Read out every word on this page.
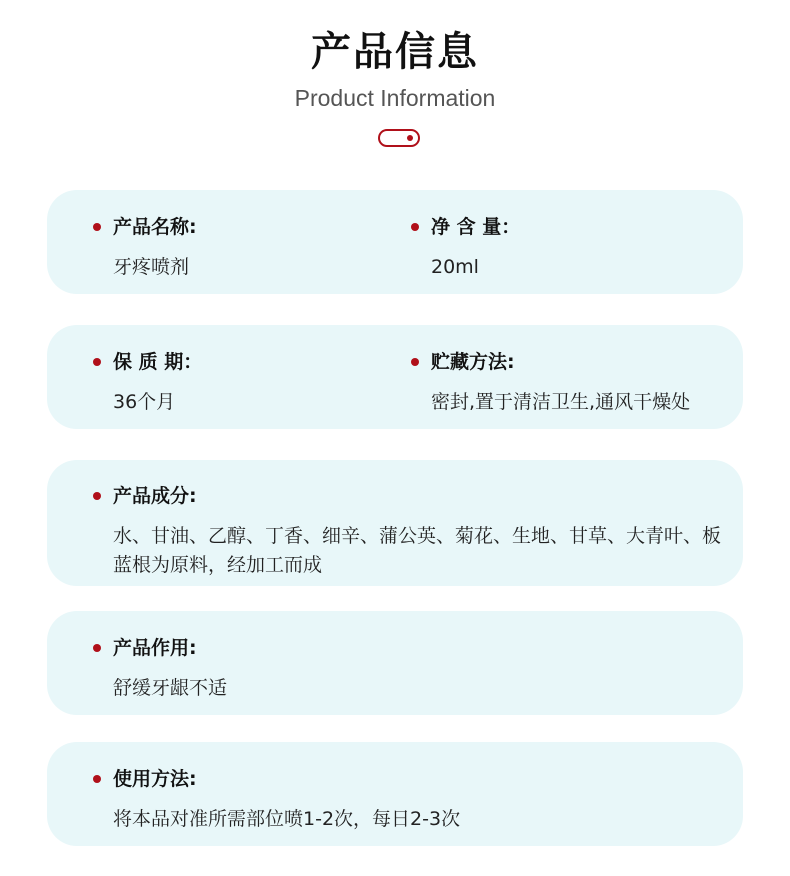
产品信息
Product Information
产品名称:
牙疼喷剂
净 含 量：
20ml
保 质 期：
36个月
贮藏方法:
密封,置于清洁卫生,通风干燥处
产品成分:
水、甘油、乙醇、丁香、细辛、蒲公英、菊花、生地、甘草、大青叶、板蓝根为原料，经加工而成
产品作用:
舒缓牙龈不适
使用方法:
将本品对准所需部位喷1-2次，每日2-3次
